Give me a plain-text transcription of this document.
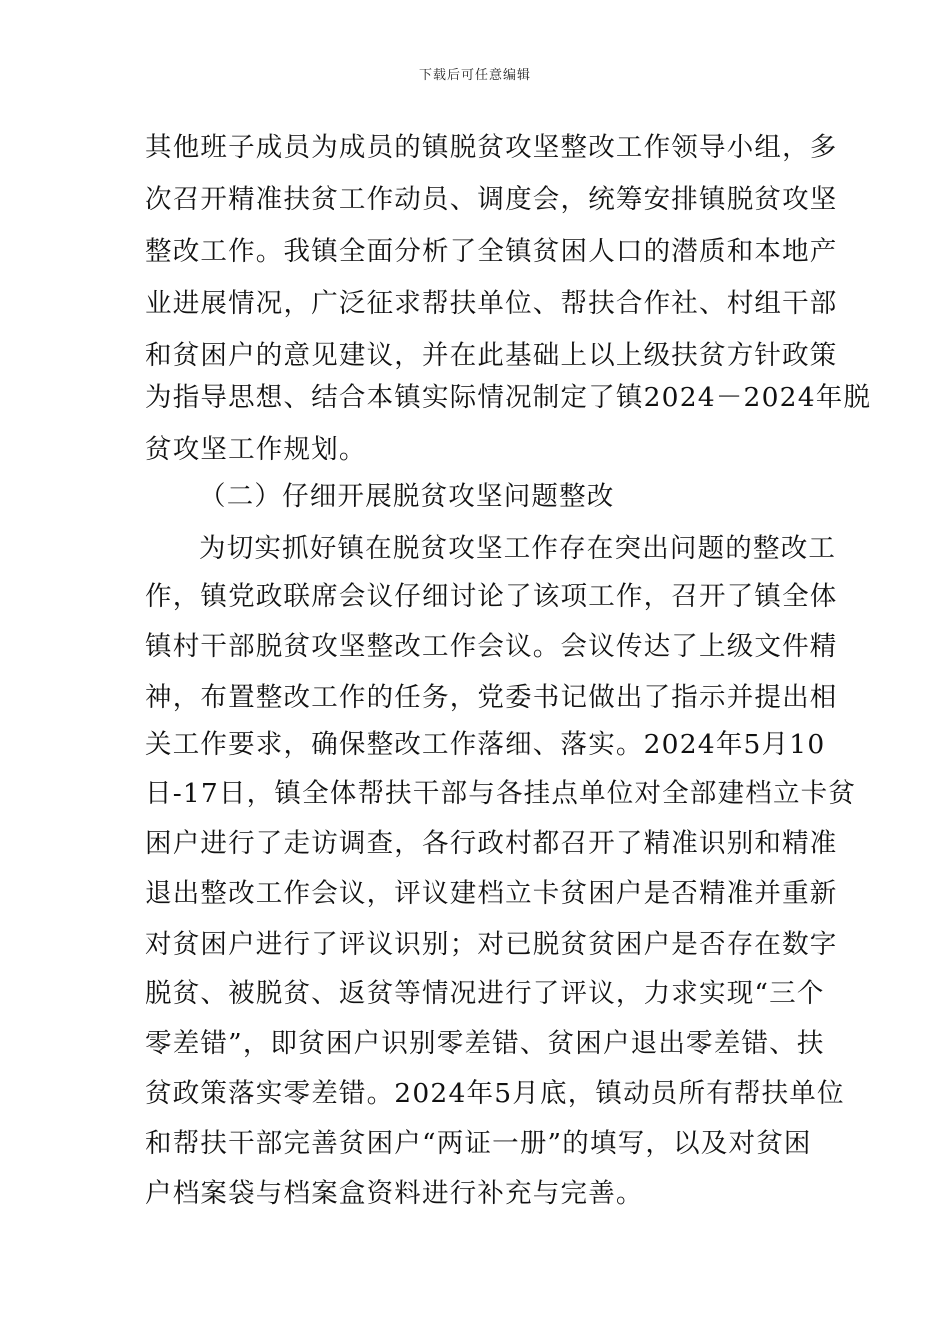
下载后可任意编辑
其他班子成员为成员的镇脱贫攻坚整改工作领导小组，多
次召开精准扶贫工作动员、调度会，统筹安排镇脱贫攻坚
整改工作。我镇全面分析了全镇贫困人口的潜质和本地产
业进展情况，广泛征求帮扶单位、帮扶合作社、村组干部
和贫困户的意见建议，并在此基础上以上级扶贫方针政策
为指导思想、结合本镇实际情况制定了镇2024－2024年脱
贫攻坚工作规划。
（二）仔细开展脱贫攻坚问题整改
为切实抓好镇在脱贫攻坚工作存在突出问题的整改工
作，镇党政联席会议仔细讨论了该项工作，召开了镇全体
镇村干部脱贫攻坚整改工作会议。会议传达了上级文件精
神，布置整改工作的任务，党委书记做出了指示并提出相
关工作要求，确保整改工作落细、落实。2024年5月10
日-17日，镇全体帮扶干部与各挂点单位对全部建档立卡贫
困户进行了走访调查，各行政村都召开了精准识别和精准
退出整改工作会议，评议建档立卡贫困户是否精准并重新
对贫困户进行了评议识别；对已脱贫贫困户是否存在数字
脱贫、被脱贫、返贫等情况进行了评议，力求实现“三个
零差错”，即贫困户识别零差错、贫困户退出零差错、扶
贫政策落实零差错。2024年5月底，镇动员所有帮扶单位
和帮扶干部完善贫困户“两证一册”的填写，以及对贫困
户档案袋与档案盒资料进行补充与完善。
